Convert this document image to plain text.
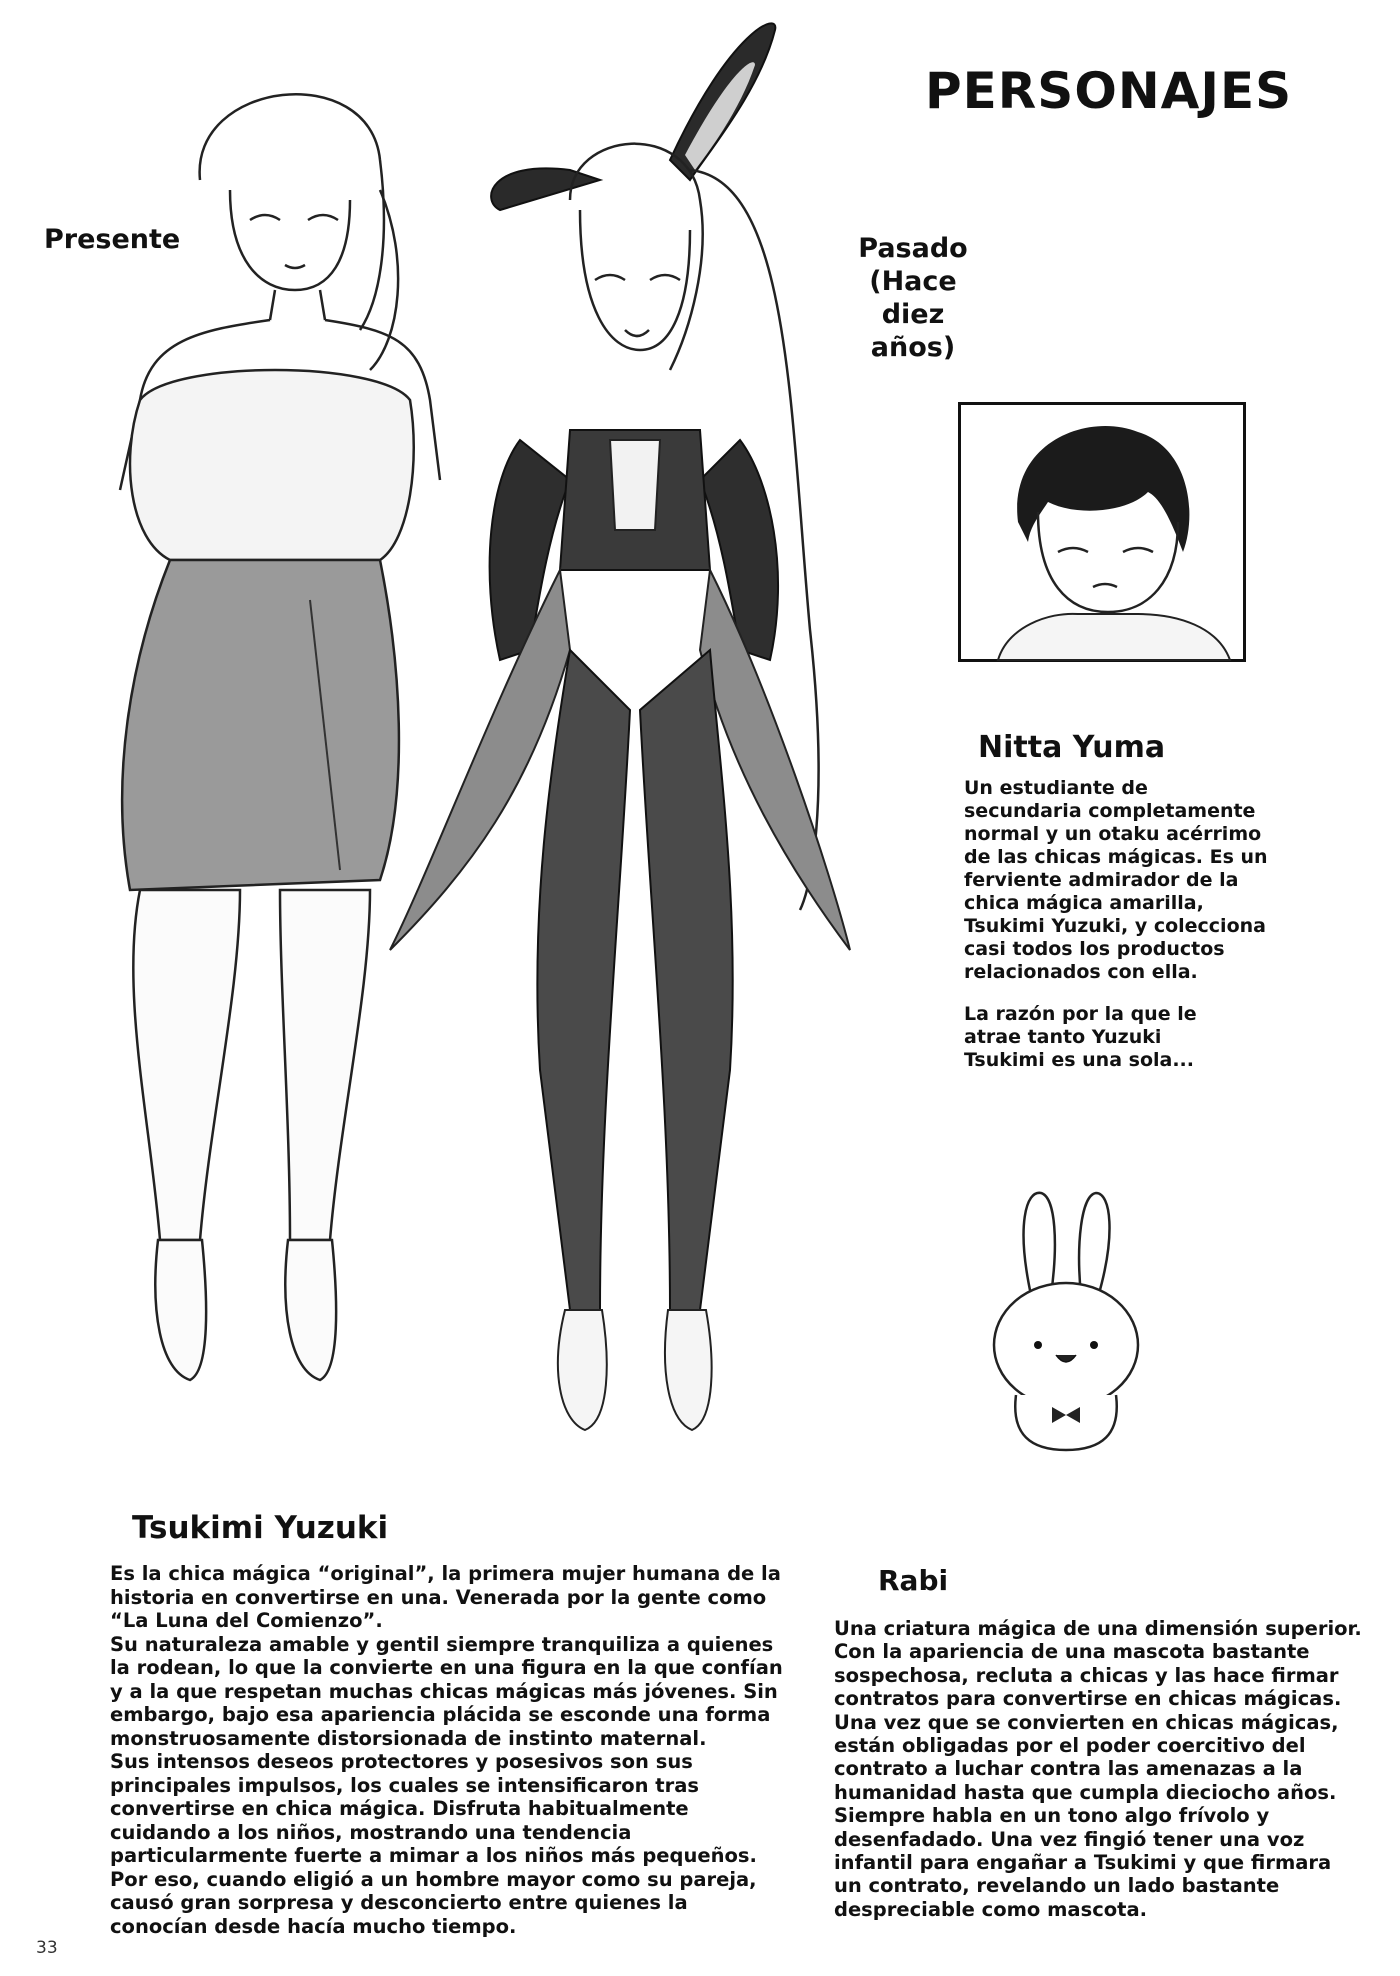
PERSONAJES
Presente	Pasado
(Hace
diez
años)
Nitta Yuma

Un estudiante de
secundaria completamente
normal y un otaku acérrimo
de las chicas mágicas. Es un
ferviente admirador de la
chica mágica amarilla,
Tsukimi Yuzuki, y colecciona
casi todos los productos
relacionados con ella.

La razón por la que le
atrae tanto Yuzuki
Tsukimi es una sola...

Tsukimi Yuzuki
Es la chica mágica “original”, la primera mujer humana de la
historia en convertirse en una. Venerada por la gente como
“La Luna del Comienzo”.
Su naturaleza amable y gentil siempre tranquiliza a quienes
la rodean, lo que la convierte en una figura en la que confían
y a la que respetan muchas chicas mágicas más jóvenes. Sin
embargo, bajo esa apariencia plácida se esconde una forma
monstruosamente distorsionada de instinto maternal.
Sus intensos deseos protectores y posesivos son sus
principales impulsos, los cuales se intensificaron tras
convertirse en chica mágica. Disfruta habitualmente
cuidando a los niños, mostrando una tendencia
particularmente fuerte a mimar a los niños más pequeños.
Por eso, cuando eligió a un hombre mayor como su pareja,
causó gran sorpresa y desconcierto entre quienes la
conocían desde hacía mucho tiempo.
Rabi
Una criatura mágica de una dimensión superior.
Con la apariencia de una mascota bastante
sospechosa, recluta a chicas y las hace firmar
contratos para convertirse en chicas mágicas.
Una vez que se convierten en chicas mágicas,
están obligadas por el poder coercitivo del
contrato a luchar contra las amenazas a la
humanidad hasta que cumpla dieciocho años.
Siempre habla en un tono algo frívolo y
desenfadado. Una vez fingió tener una voz
infantil para engañar a Tsukimi y que firmara
un contrato, revelando un lado bastante
despreciable como mascota.
33
